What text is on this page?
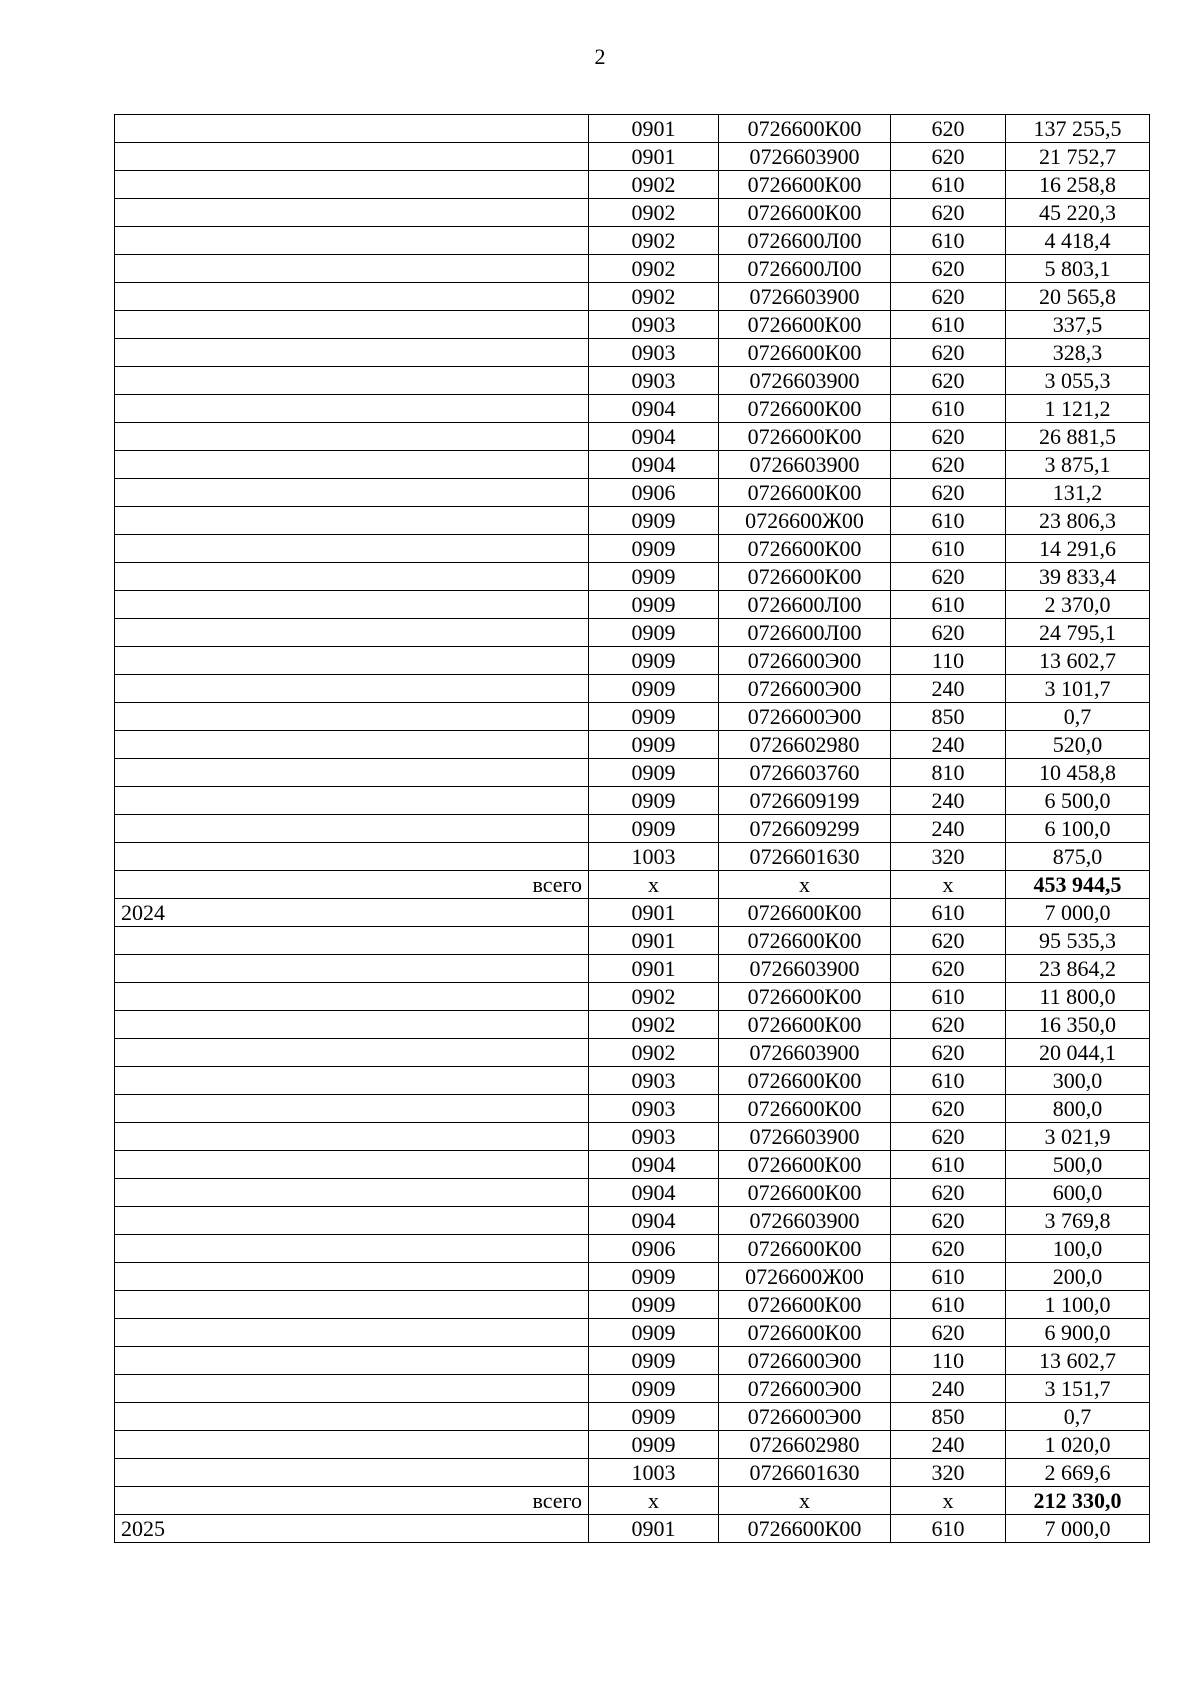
2
	0901	0726600К00	620	137 255,5
	0901	0726603900	620	21 752,7
	0902	0726600К00	610	16 258,8
	0902	0726600К00	620	45 220,3
	0902	0726600Л00	610	4 418,4
	0902	0726600Л00	620	5 803,1
	0902	0726603900	620	20 565,8
	0903	0726600К00	610	337,5
	0903	0726600К00	620	328,3
	0903	0726603900	620	3 055,3
	0904	0726600К00	610	1 121,2
	0904	0726600К00	620	26 881,5
	0904	0726603900	620	3 875,1
	0906	0726600К00	620	131,2
	0909	0726600Ж00	610	23 806,3
	0909	0726600К00	610	14 291,6
	0909	0726600К00	620	39 833,4
	0909	0726600Л00	610	2 370,0
	0909	0726600Л00	620	24 795,1
	0909	0726600Э00	110	13 602,7
	0909	0726600Э00	240	3 101,7
	0909	0726600Э00	850	0,7
	0909	0726602980	240	520,0
	0909	0726603760	810	10 458,8
	0909	0726609199	240	6 500,0
	0909	0726609299	240	6 100,0
	1003	0726601630	320	875,0
всего	х	х	х	453 944,5
2024	0901	0726600К00	610	7 000,0
	0901	0726600К00	620	95 535,3
	0901	0726603900	620	23 864,2
	0902	0726600К00	610	11 800,0
	0902	0726600К00	620	16 350,0
	0902	0726603900	620	20 044,1
	0903	0726600К00	610	300,0
	0903	0726600К00	620	800,0
	0903	0726603900	620	3 021,9
	0904	0726600К00	610	500,0
	0904	0726600К00	620	600,0
	0904	0726603900	620	3 769,8
	0906	0726600К00	620	100,0
	0909	0726600Ж00	610	200,0
	0909	0726600К00	610	1 100,0
	0909	0726600К00	620	6 900,0
	0909	0726600Э00	110	13 602,7
	0909	0726600Э00	240	3 151,7
	0909	0726600Э00	850	0,7
	0909	0726602980	240	1 020,0
	1003	0726601630	320	2 669,6
всего	х	х	х	212 330,0
2025	0901	0726600К00	610	7 000,0
